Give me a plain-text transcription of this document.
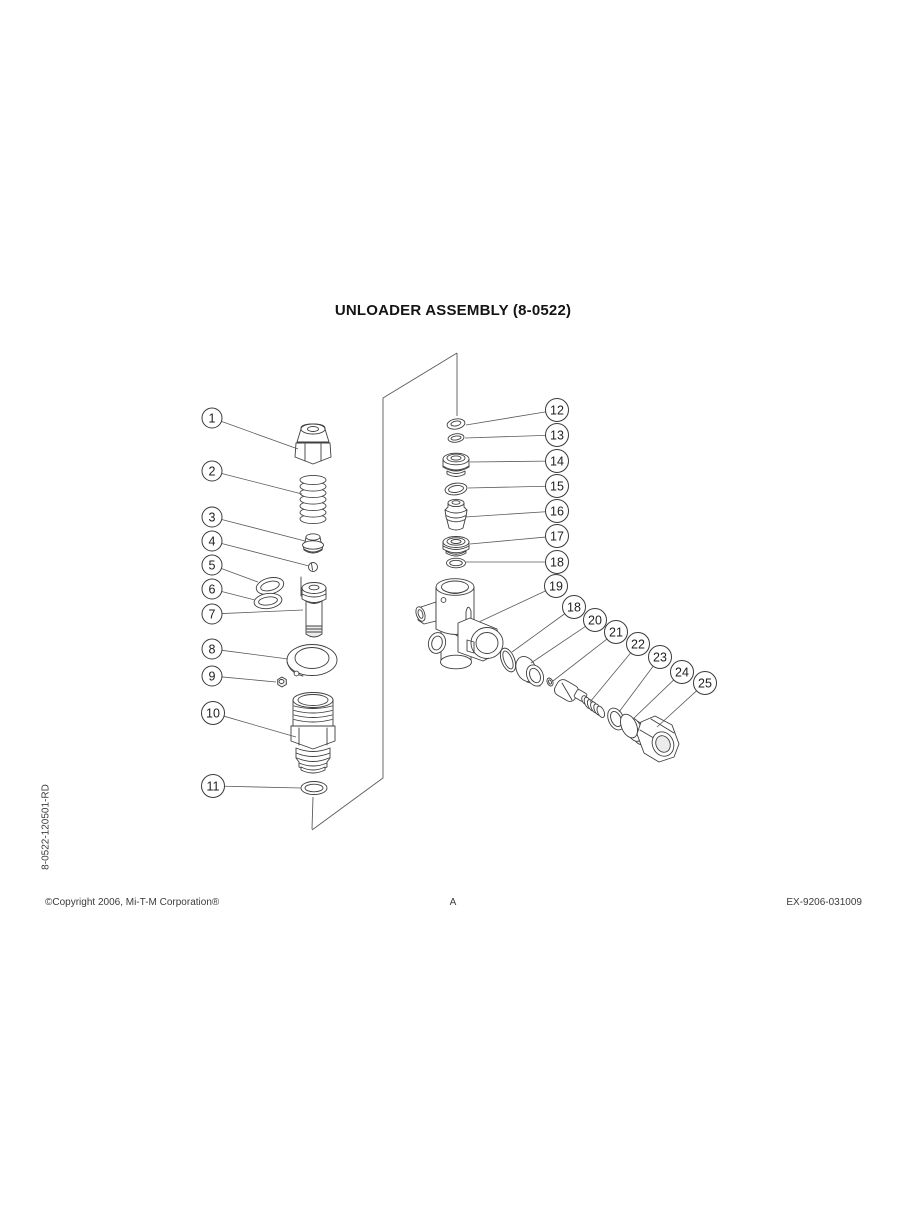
UNLOADER ASSEMBLY (8-0522)
1
2
3
4
5
6
7
8
9
10
11
12
13
14
15
16
17
18
19
18
20
21
22
23
24
25
8-0522-120501-RD
©Copyright 2006, Mi-T-M Corporation®	A	EX-9206-031009
